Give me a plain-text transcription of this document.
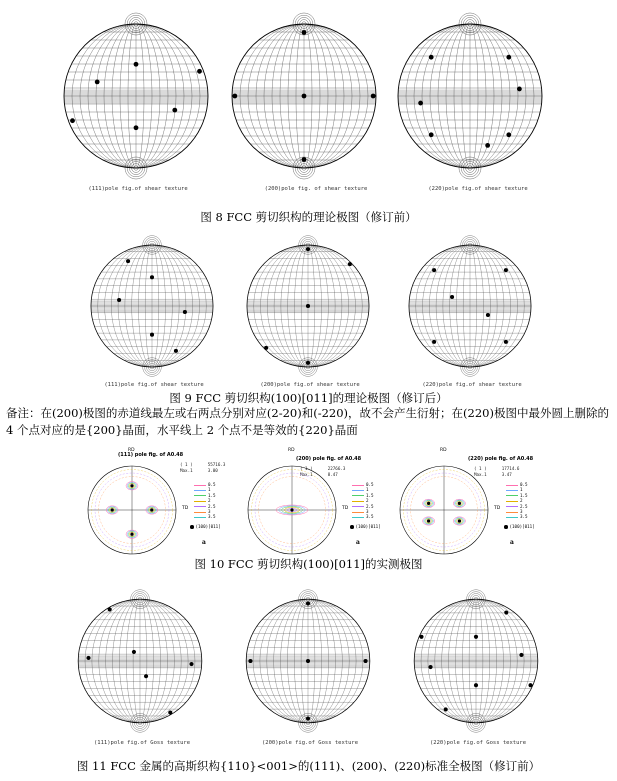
(111)pole fig.of shear texture	(200)pole fig. of shear texture	(220)pole fig.of shear texture
图 8 FCC 剪切织构的理论极图（修订前）
(111)pole fig.of shear texture	(200)pole fig.of shear texture	(220)pole fig.of shear texture
图 9 FCC 剪切织构(100)[011]的理论极图（修订后）
备注：在(200)极图的赤道线最左或右两点分别对应(2-20)和(-220)，故不会产生衍射；在(220)极图中最外圆上删除的 4 个点对应的是{200}晶面，水平线上 2 个点不是等效的{220}晶面
(111) pole fig. of A0.48
( 1 )      55716.3
Max.1      3.00
0.5
1
1.5
2
2.5
3
3.5
(100)[011]
a
(200) pole fig. of A0.48
( 1 )      22766.3
Max.1      8.47
0.5
1
1.5
2
2.5
3
3.5
(100)[011]
a
(220) pole fig. of A0.48
( 1 )      17714.6
Max.1      3.47
0.5
1
1.5
2
2.5
3
3.5
(100)[011]
a
RD
TD
RD
TD
RD
TD
图 10 FCC 剪切织构(100)[011]的实测极图
(111)pole fig.of Goss texture	(200)pole fig.of Goss texture	(220)pole fig.of Goss texture
图 11 FCC 金属的高斯织构{110}<001>的(111)、(200)、(220)标准全极图（修订前）
